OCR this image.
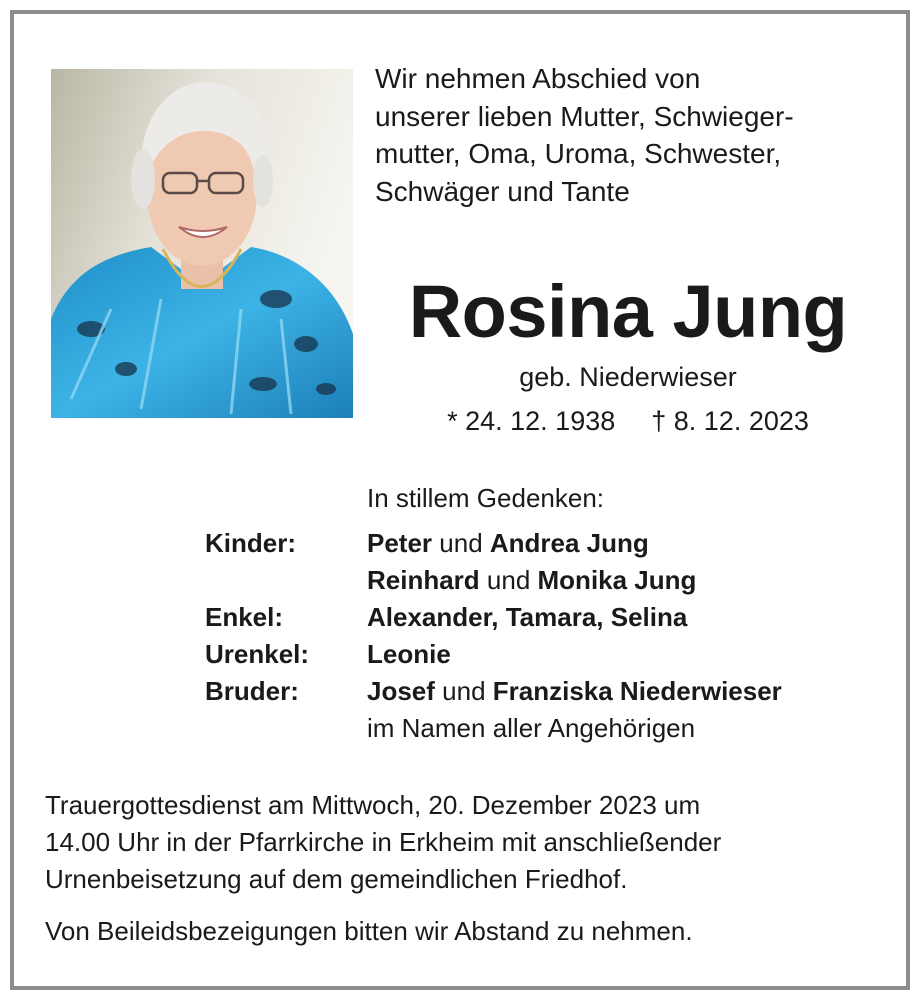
Wir nehmen Abschied von
unserer lieben Mutter, Schwieger-
mutter, Oma, Uroma, Schwester,
Schwäger und Tante

Rosina Jung

geb. Niederwieser

* 24. 12. 1938 † 8. 12. 2023

In stillem Gedenken:

Kinder:	Peter und Andrea Jung
Reinhard und Monika Jung
Enkel:	Alexander, Tamara, Selina
Urenkel:	Leonie
Bruder:	Josef und Franziska Niederwieser
im Namen aller Angehörigen

Trauergottesdienst am Mittwoch, 20. Dezember 2023 um
14.00 Uhr in der Pfarrkirche in Erkheim mit anschließender
Urnenbeisetzung auf dem gemeindlichen Friedhof.

Von Beileidsbezeigungen bitten wir Abstand zu nehmen.
